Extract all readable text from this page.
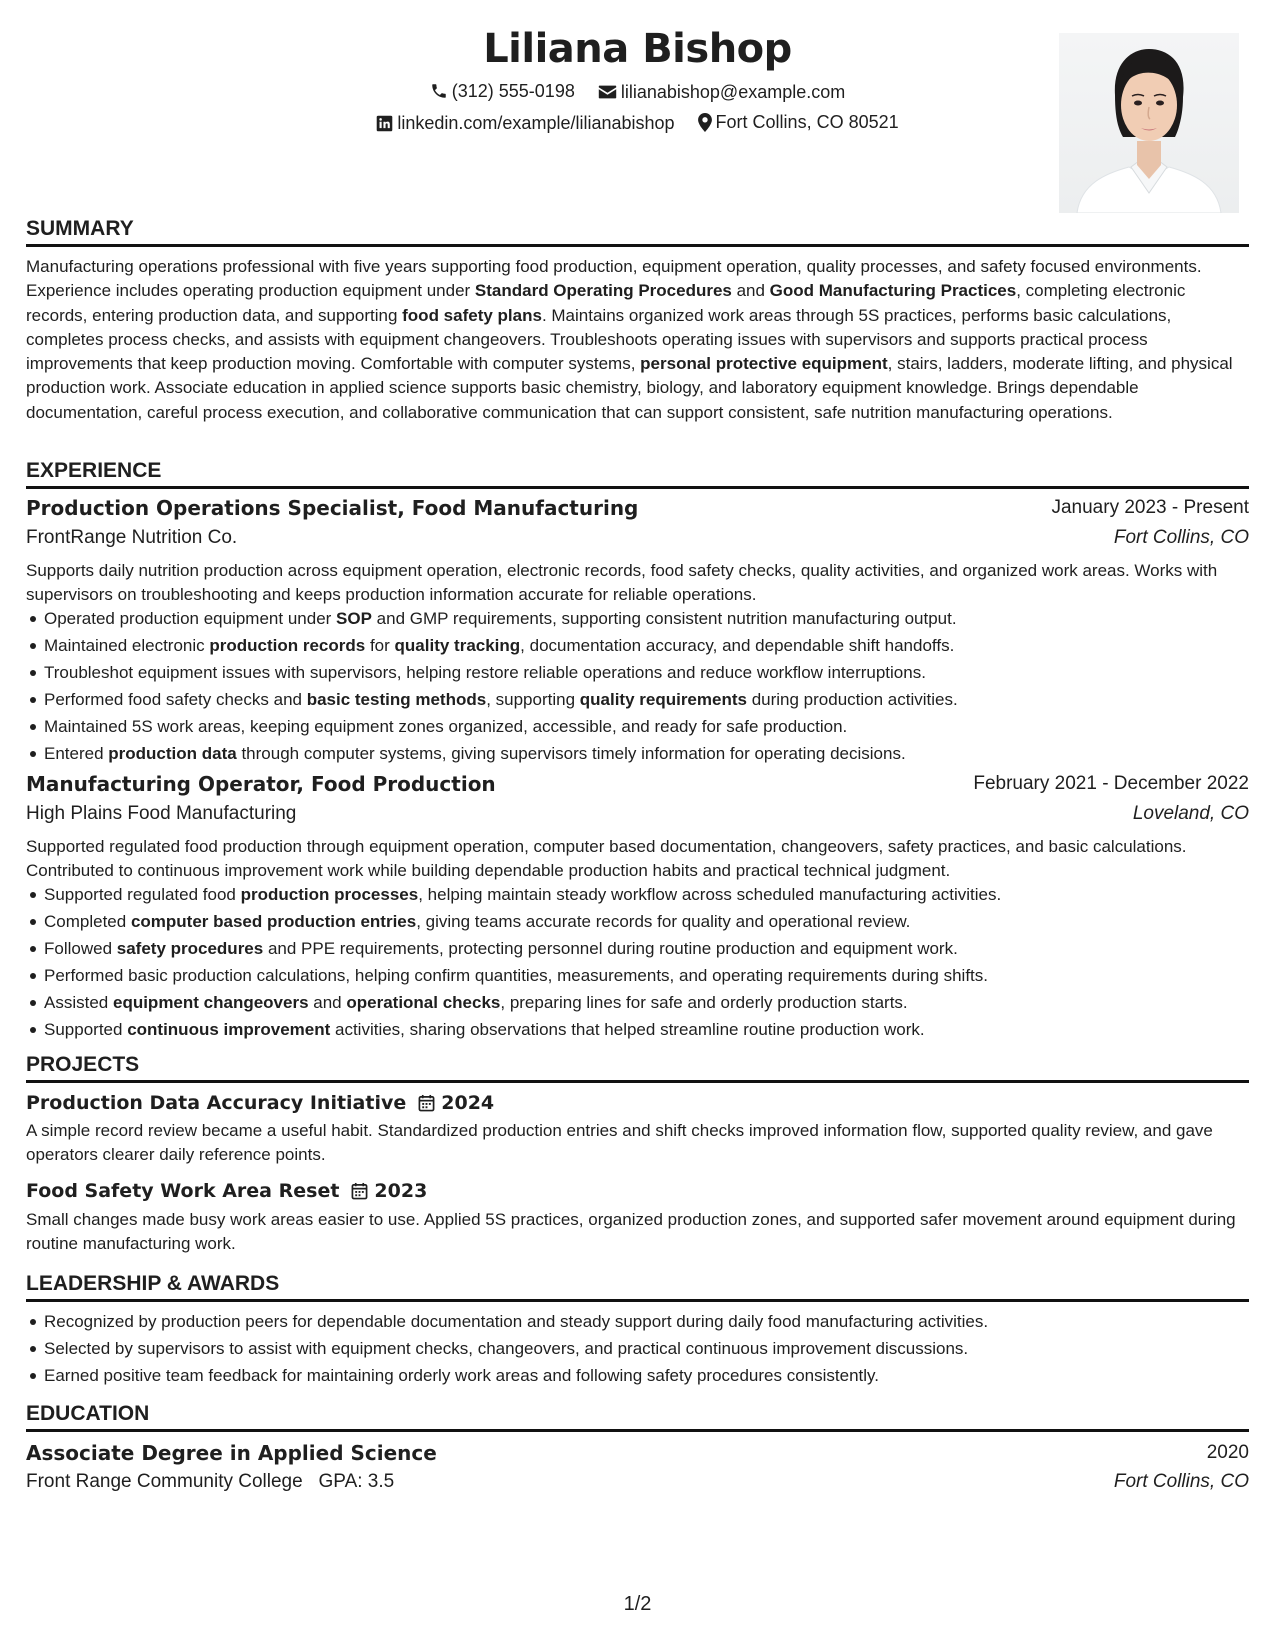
Liliana Bishop
(312) 555-0198
	lilianabishop@example.com
linkedin.com/example/lilianabishop
Fort Collins, CO 80521
SUMMARY
Manufacturing operations professional with five years supporting food production, equipment operation, quality processes, and safety focused environments. Experience includes operating production equipment under Standard Operating Procedures and Good Manufacturing Practices, completing electronic records, entering production data, and supporting food safety plans. Maintains organized work areas through 5S practices, performs basic calculations, completes process checks, and assists with equipment changeovers. Troubleshoots operating issues with supervisors and supports practical process improvements that keep production moving. Comfortable with computer systems, personal protective equipment, stairs, ladders, moderate lifting, and physical production work. Associate education in applied science supports basic chemistry, biology, and laboratory equipment knowledge. Brings dependable documentation, careful process execution, and collaborative communication that can support consistent, safe nutrition manufacturing operations.
EXPERIENCE
Production Operations Specialist, Food Manufacturing	January 2023 - Present
FrontRange Nutrition Co.	Fort Collins, CO
Supports daily nutrition production across equipment operation, electronic records, food safety checks, quality activities, and organized work areas. Works with supervisors on troubleshooting and keeps production information accurate for reliable operations.
Operated production equipment under SOP and GMP requirements, supporting consistent nutrition manufacturing output.
Maintained electronic production records for quality tracking, documentation accuracy, and dependable shift handoffs.
Troubleshot equipment issues with supervisors, helping restore reliable operations and reduce workflow interruptions.
Performed food safety checks and basic testing methods, supporting quality requirements during production activities.
Maintained 5S work areas, keeping equipment zones organized, accessible, and ready for safe production.
Entered production data through computer systems, giving supervisors timely information for operating decisions.
Manufacturing Operator, Food Production	February 2021 - December 2022
High Plains Food Manufacturing	Loveland, CO
Supported regulated food production through equipment operation, computer based documentation, changeovers, safety practices, and basic calculations. Contributed to continuous improvement work while building dependable production habits and practical technical judgment.
Supported regulated food production processes, helping maintain steady workflow across scheduled manufacturing activities.
Completed computer based production entries, giving teams accurate records for quality and operational review.
Followed safety procedures and PPE requirements, protecting personnel during routine production and equipment work.
Performed basic production calculations, helping confirm quantities, measurements, and operating requirements during shifts.
Assisted equipment changeovers and operational checks, preparing lines for safe and orderly production starts.
Supported continuous improvement activities, sharing observations that helped streamline routine production work.
PROJECTS
Production Data Accuracy Initiative 2024
A simple record review became a useful habit. Standardized production entries and shift checks improved information flow, supported quality review, and gave operators clearer daily reference points.
Food Safety Work Area Reset 2023
Small changes made busy work areas easier to use. Applied 5S practices, organized production zones, and supported safer movement around equipment during routine manufacturing work.
LEADERSHIP & AWARDS
Recognized by production peers for dependable documentation and steady support during daily food manufacturing activities.
Selected by supervisors to assist with equipment checks, changeovers, and practical continuous improvement discussions.
Earned positive team feedback for maintaining orderly work areas and following safety procedures consistently.
EDUCATION
Associate Degree in Applied Science	2020
Front Range Community College GPA: 3.5	Fort Collins, CO
1/2
